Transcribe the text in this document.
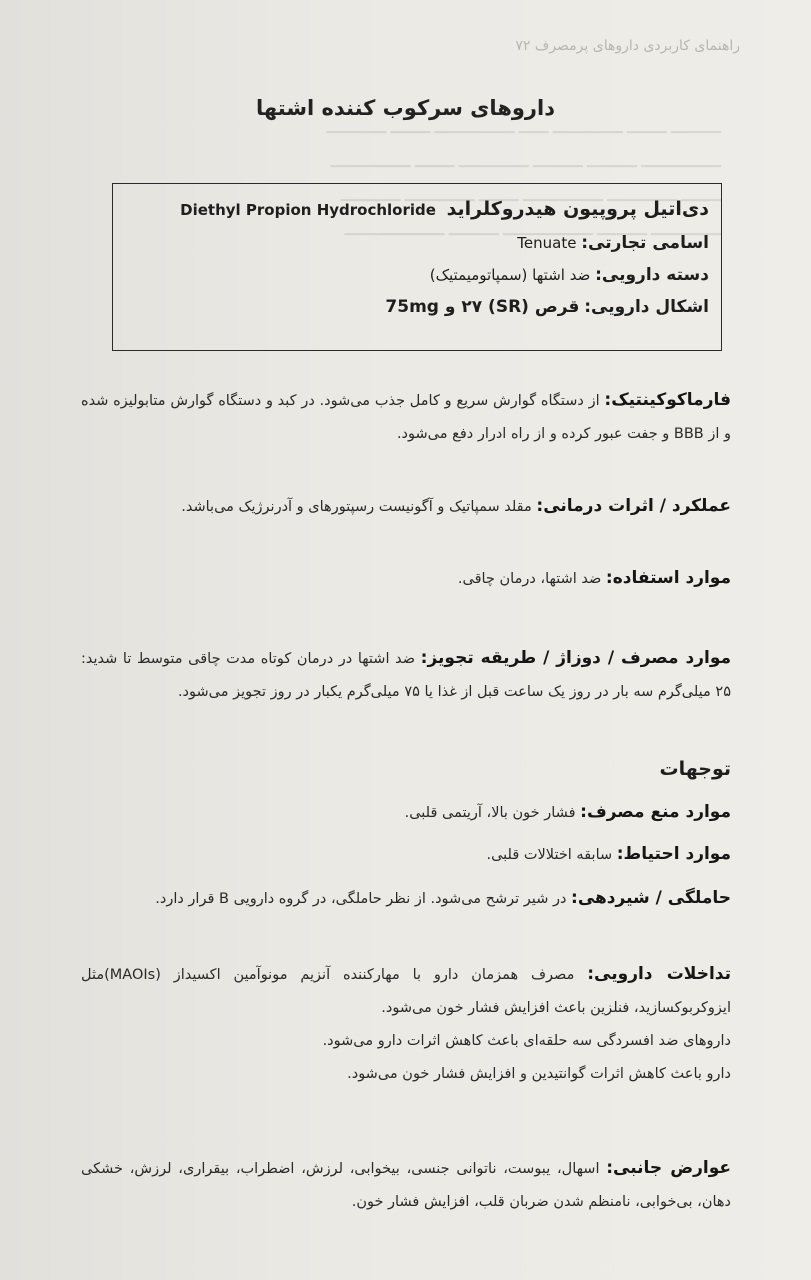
راهنمای کاربردی داروهای پرمصرف ۷۲
▁▁▁▁▁ ▁▁▁▁ ▁▁▁▁▁▁▁ ▁▁▁ ▁▁▁▁▁▁▁▁ ▁▁▁▁ ▁▁▁▁▁▁
▁▁▁▁▁▁▁▁ ▁▁▁▁▁ ▁▁▁▁▁ ▁▁▁▁▁▁▁ ▁▁▁▁ ▁▁▁▁▁▁▁▁
▁▁▁▁ ▁▁▁▁▁▁▁ ▁▁▁▁▁▁▁▁ ▁▁▁▁ ▁▁▁▁▁▁▁ ▁▁▁▁▁▁
▁▁▁▁▁▁▁ ▁▁▁▁▁ ▁▁▁▁▁▁▁▁▁ ▁▁▁▁▁ ▁▁▁▁▁▁▁▁▁▁
داروهای سرکوب کننده اشتها
دی‌اتیل پروپیون هیدروکلراید Diethyl Propion Hydrochloride
اسامی تجارتی: Tenuate
دسته دارویی: ضد اشتها (سمپاتومیمتیک)
اشکال دارویی: قرص (SR) ۲۷ و 75mg
فارماکوکینتیک: از دستگاه گوارش سریع و کامل جذب می‌شود. در کبد و دستگاه گوارش متابولیزه شده و از BBB و جفت عبور کرده و از راه ادرار دفع می‌شود.
عملکرد / اثرات درمانی: مقلد سمپاتیک و آگونیست رسپتورهای و آدرنرژیک می‌باشد.
موارد استفاده: ضد اشتها، درمان چاقی.
موارد مصرف / دوزاژ / طریقه تجویز: ضد اشتها در درمان کوتاه مدت چاقی متوسط تا شدید: ۲۵ میلی‌گرم سه بار در روز یک ساعت قبل از غذا یا ۷۵ میلی‌گرم یکبار در روز تجویز می‌شود.
توجهات
موارد منع مصرف: فشار خون بالا، آریتمی قلبی.
موارد احتیاط: سابقه اختلالات قلبی.
حاملگی / شیردهی: در شیر ترشح می‌شود. از نظر حاملگی، در گروه دارویی B قرار دارد.
تداخلات دارویی: مصرف همزمان دارو با مهارکننده آنزیم مونوآمین اکسیداز (MAOIs)مثل ایزوکربوکسازید، فنلزین باعث افزایش فشار خون می‌شود.
داروهای ضد افسردگی سه حلقه‌ای باعث کاهش اثرات دارو می‌شود.
دارو باعث کاهش اثرات گوانتیدین و افزایش فشار خون می‌شود.
عوارض جانبی: اسهال، یبوست، ناتوانی جنسی، بیخوابی، لرزش، اضطراب، بیقراری، لرزش، خشکی دهان، بی‌خوابی، نامنظم شدن ضربان قلب، افزایش فشار خون.
